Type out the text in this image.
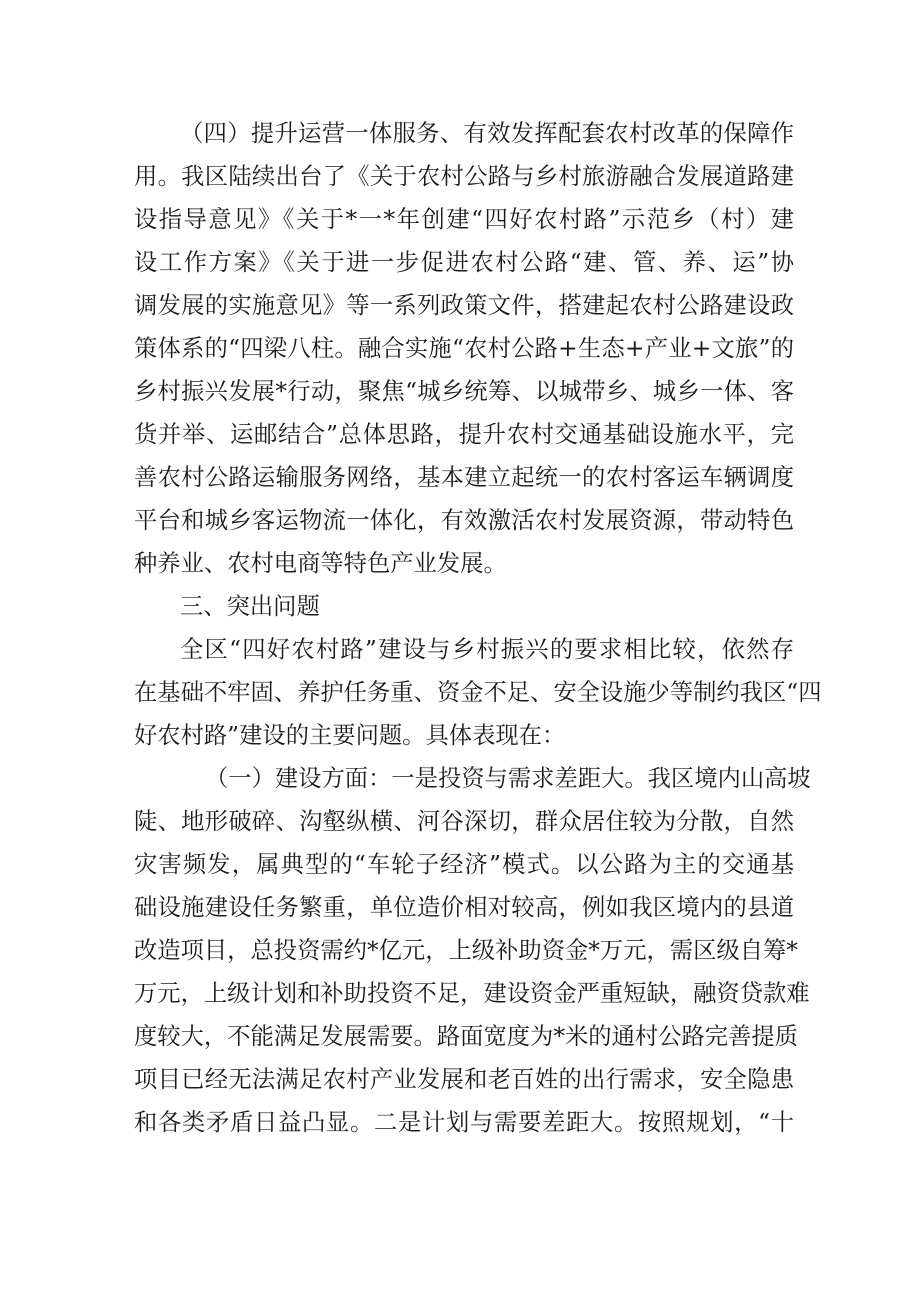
（四）提升运营一体服务、有效发挥配套农村改革的保障作
用。我区陆续出台了《关于农村公路与乡村旅游融合发展道路建
设指导意见》《关于*一*年创建“四好农村路”示范乡（村）建
设工作方案》《关于进一步促进农村公路“建、管、养、运”协
调发展的实施意见》等一系列政策文件，搭建起农村公路建设政
策体系的“四梁八柱。融合实施“农村公路+生态+产业+文旅”的
乡村振兴发展*行动，聚焦“城乡统筹、以城带乡、城乡一体、客
货并举、运邮结合”总体思路，提升农村交通基础设施水平，完
善农村公路运输服务网络，基本建立起统一的农村客运车辆调度
平台和城乡客运物流一体化，有效激活农村发展资源，带动特色
种养业、农村电商等特色产业发展。
三、突出问题
全区“四好农村路”建设与乡村振兴的要求相比较，依然存
在基础不牢固、养护任务重、资金不足、安全设施少等制约我区“四
好农村路”建设的主要问题。具体表现在：
（一）建设方面：一是投资与需求差距大。我区境内山高坡
陡、地形破碎、沟壑纵横、河谷深切，群众居住较为分散，自然
灾害频发，属典型的“车轮子经济”模式。以公路为主的交通基
础设施建设任务繁重，单位造价相对较高，例如我区境内的县道
改造项目，总投资需约*亿元，上级补助资金*万元，需区级自筹*
万元，上级计划和补助投资不足，建设资金严重短缺，融资贷款难
度较大，不能满足发展需要。路面宽度为*米的通村公路完善提质
项目已经无法满足农村产业发展和老百姓的出行需求，安全隐患
和各类矛盾日益凸显。二是计划与需要差距大。按照规划，“十
